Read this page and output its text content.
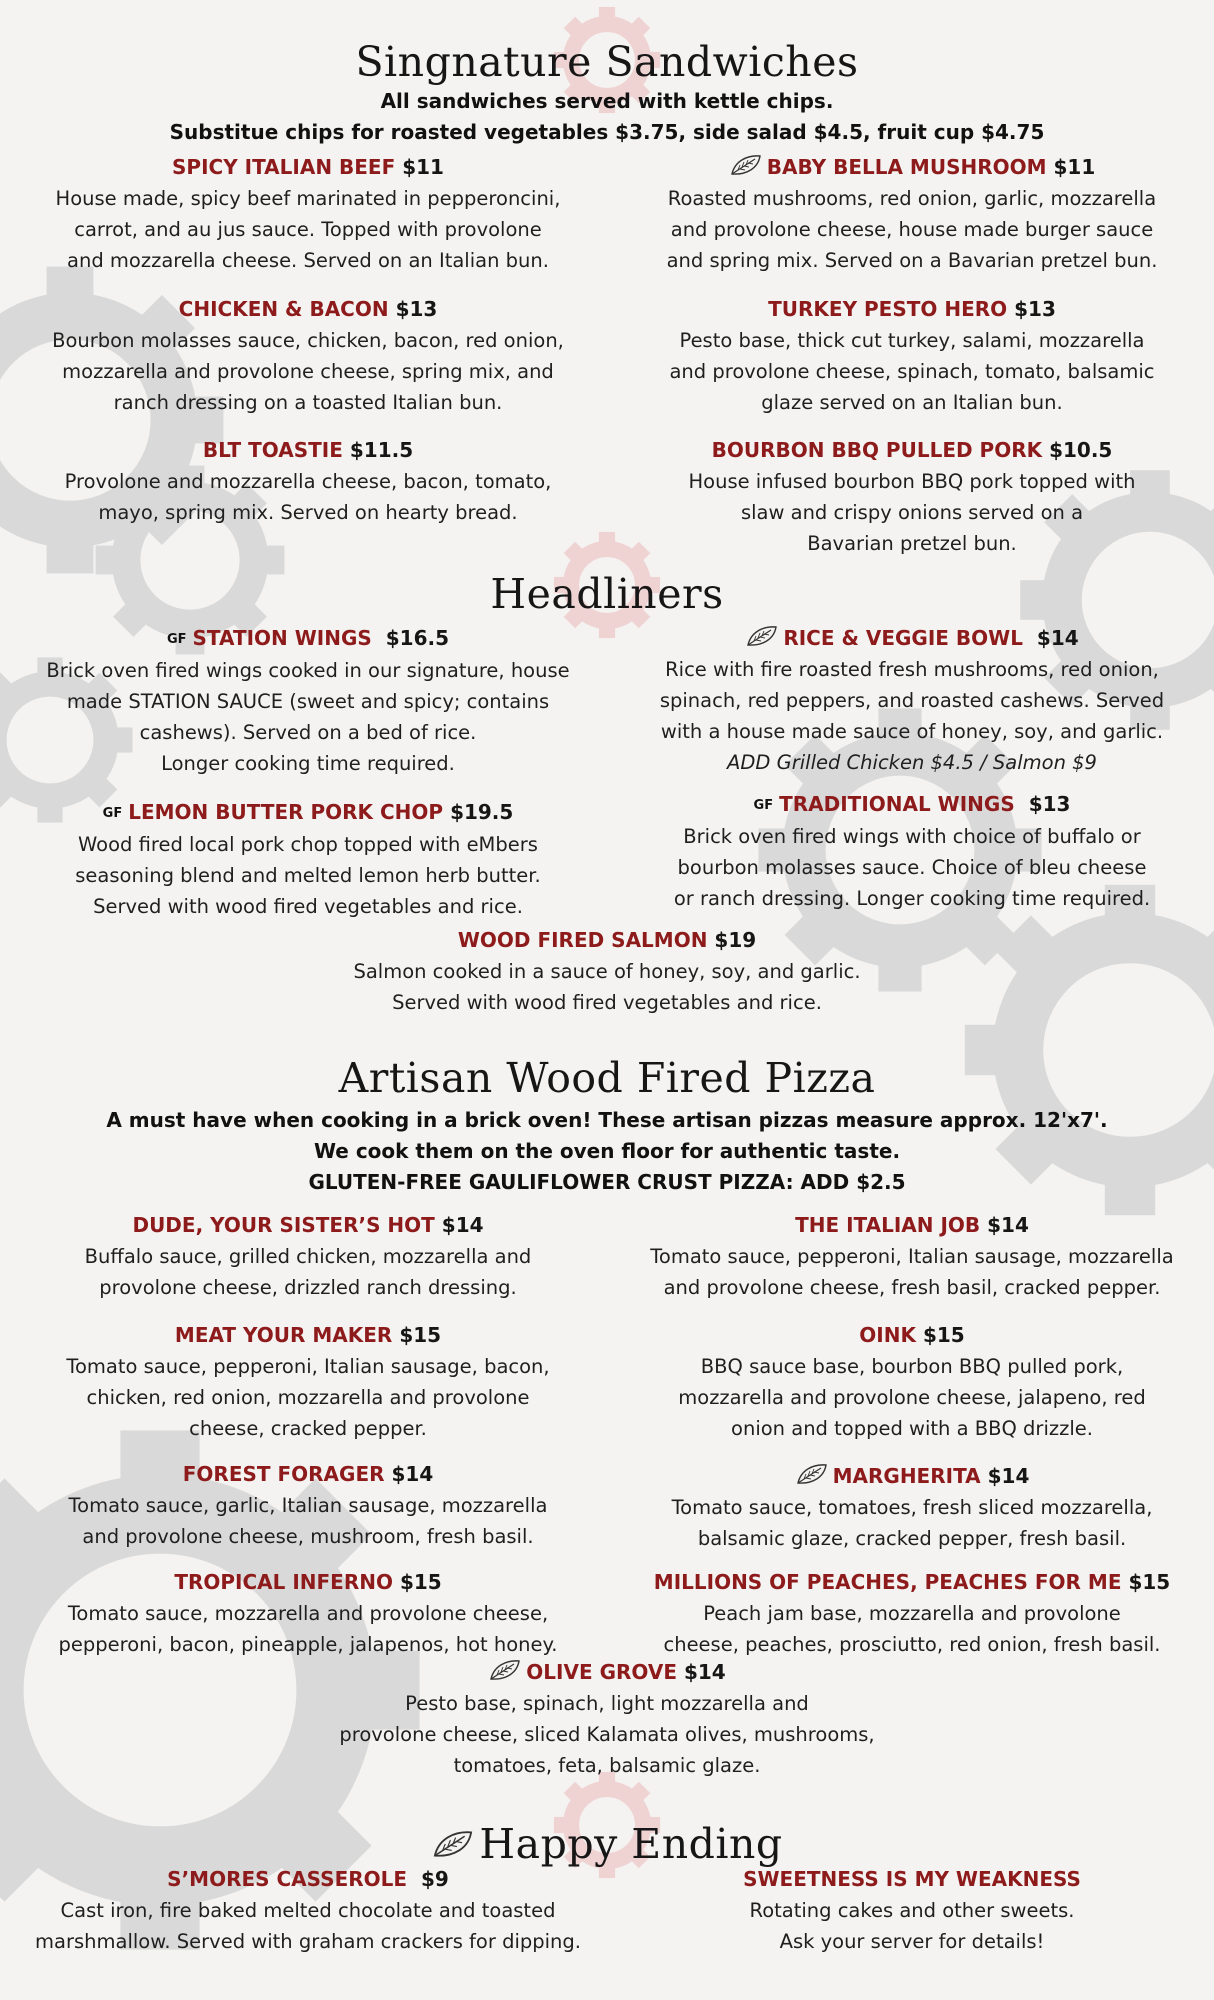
Singnature Sandwiches
All sandwiches served with kettle chips.
Substitue chips for roasted vegetables $3.75, side salad $4.5, fruit cup $4.75
SPICY ITALIAN BEEF $11
House made, spicy beef marinated in pepperoncini,
carrot, and au jus sauce. Topped with provolone
and mozzarella cheese. Served on an Italian bun.
BABY BELLA MUSHROOM $11
Roasted mushrooms, red onion, garlic, mozzarella
and provolone cheese, house made burger sauce
and spring mix. Served on a Bavarian pretzel bun.
CHICKEN & BACON $13
Bourbon molasses sauce, chicken, bacon, red onion,
mozzarella and provolone cheese, spring mix, and
ranch dressing on a toasted Italian bun.
TURKEY PESTO HERO $13
Pesto base, thick cut turkey, salami, mozzarella
and provolone cheese, spinach, tomato, balsamic
glaze served on an Italian bun.
BLT TOASTIE $11.5
Provolone and mozzarella cheese, bacon, tomato,
mayo, spring mix. Served on hearty bread.
BOURBON BBQ PULLED PORK $10.5
House infused bourbon BBQ pork topped with
slaw and crispy onions served on a
Bavarian pretzel bun.
Headliners
GF STATION WINGS $16.5
Brick oven fired wings cooked in our signature, house
made STATION SAUCE (sweet and spicy; contains
cashews). Served on a bed of rice.
Longer cooking time required.
RICE & VEGGIE BOWL $14
Rice with fire roasted fresh mushrooms, red onion,
spinach, red peppers, and roasted cashews. Served
with a house made sauce of honey, soy, and garlic.
ADD Grilled Chicken $4.5 / Salmon $9
GF LEMON BUTTER PORK CHOP $19.5
Wood fired local pork chop topped with eMbers
seasoning blend and melted lemon herb butter.
Served with wood fired vegetables and rice.
GF TRADITIONAL WINGS $13
Brick oven fired wings with choice of buffalo or
bourbon molasses sauce. Choice of bleu cheese
or ranch dressing. Longer cooking time required.
WOOD FIRED SALMON $19
Salmon cooked in a sauce of honey, soy, and garlic.
Served with wood fired vegetables and rice.
Artisan Wood Fired Pizza
A must have when cooking in a brick oven! These artisan pizzas measure approx. 12'x7'.
We cook them on the oven floor for authentic taste.
GLUTEN-FREE GAULIFLOWER CRUST PIZZA: ADD $2.5
DUDE, YOUR SISTER’S HOT $14
Buffalo sauce, grilled chicken, mozzarella and
provolone cheese, drizzled ranch dressing.
THE ITALIAN JOB $14
Tomato sauce, pepperoni, Italian sausage, mozzarella
and provolone cheese, fresh basil, cracked pepper.
MEAT YOUR MAKER $15
Tomato sauce, pepperoni, Italian sausage, bacon,
chicken, red onion, mozzarella and provolone
cheese, cracked pepper.
OINK $15
BBQ sauce base, bourbon BBQ pulled pork,
mozzarella and provolone cheese, jalapeno, red
onion and topped with a BBQ drizzle.
FOREST FORAGER $14
Tomato sauce, garlic, Italian sausage, mozzarella
and provolone cheese, mushroom, fresh basil.
MARGHERITA $14
Tomato sauce, tomatoes, fresh sliced mozzarella,
balsamic glaze, cracked pepper, fresh basil.
TROPICAL INFERNO $15
Tomato sauce, mozzarella and provolone cheese,
pepperoni, bacon, pineapple, jalapenos, hot honey.
MILLIONS OF PEACHES, PEACHES FOR ME $15
Peach jam base, mozzarella and provolone
cheese, peaches, prosciutto, red onion, fresh basil.
OLIVE GROVE $14
Pesto base, spinach, light mozzarella and
provolone cheese, sliced Kalamata olives, mushrooms,
tomatoes, feta, balsamic glaze.
Happy Ending
S’MORES CASSEROLE $9
Cast iron, fire baked melted chocolate and toasted
marshmallow. Served with graham crackers for dipping.
SWEETNESS IS MY WEAKNESS
Rotating cakes and other sweets.
Ask your server for details!
